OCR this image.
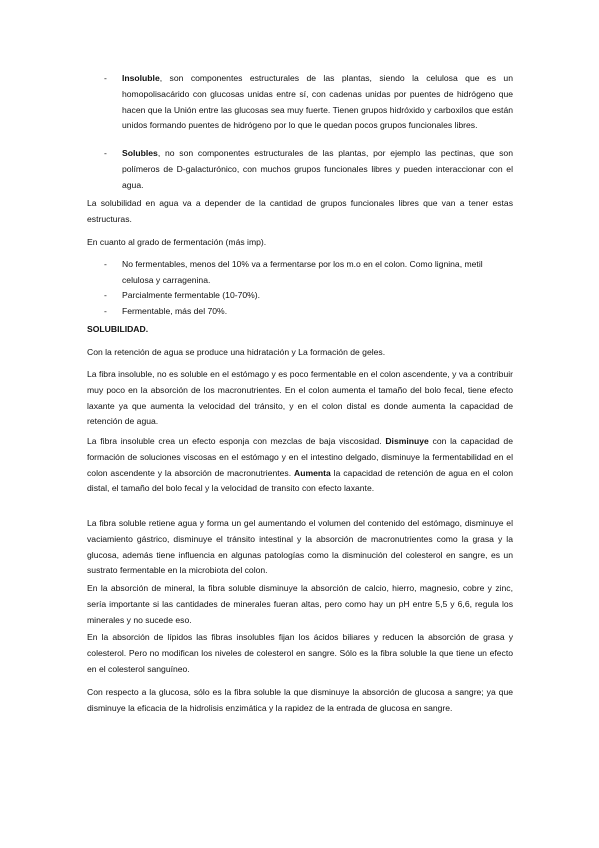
-	Insoluble, son componentes estructurales de las plantas, siendo la celulosa que es un homopolisacárido con glucosas unidas entre sí, con cadenas unidas por puentes de hidrógeno que hacen que la Unión entre las glucosas sea muy fuerte. Tienen grupos hidróxido y carboxilos que están unidos formando puentes de hidrógeno por lo que le quedan pocos grupos funcionales libres.
-	Solubles, no son componentes estructurales de las plantas, por ejemplo las pectinas, que son polímeros de D-galacturónico, con muchos grupos funcionales libres y pueden interaccionar con el agua.

La solubilidad en agua va a depender de la cantidad de grupos funcionales libres que van a tener estas estructuras.

En cuanto al grado de fermentación (más imp).

-	No fermentables, menos del 10% va a fermentarse por los m.o en el colon. Como lignina, metil celulosa y carragenina.
-	Parcialmente fermentable (10-70%).
-	Fermentable, más del 70%.

SOLUBILIDAD.

Con la retención de agua se produce una hidratación y La formación de geles.

La fibra insoluble, no es soluble en el estómago y es poco fermentable en el colon ascendente, y va a contribuir muy poco en la absorción de los macronutrientes. En el colon aumenta el tamaño del bolo fecal, tiene efecto laxante ya que aumenta la velocidad del tránsito, y en el colon distal es donde aumenta la capacidad de retención de agua.

La fibra insoluble crea un efecto esponja con mezclas de baja viscosidad. Disminuye con la capacidad de formación de soluciones viscosas en el estómago y en el intestino delgado, disminuye la fermentabilidad en el colon ascendente y la absorción de macronutrientes. Aumenta la capacidad de retención de agua en el colon distal, el tamaño del bolo fecal y la velocidad de transito con efecto laxante.

La fibra soluble retiene agua y forma un gel aumentando el volumen del contenido del estómago, disminuye el vaciamiento gástrico, disminuye el tránsito intestinal y la absorción de macronutrientes como la grasa y la glucosa, además tiene influencia en algunas patologías como la disminución del colesterol en sangre, es un sustrato fermentable en la microbiota del colon.

En la absorción de mineral, la fibra soluble disminuye la absorción de calcio, hierro, magnesio, cobre y zinc, sería importante si las cantidades de minerales fueran altas, pero como hay un pH entre 5,5 y 6,6, regula los minerales y no sucede eso.

En la absorción de lípidos las fibras insolubles fijan los ácidos biliares y reducen la absorción de grasa y colesterol. Pero no modifican los niveles de colesterol en sangre. Sólo es la fibra soluble la que tiene un efecto en el colesterol sanguíneo.

Con respecto a la glucosa, sólo es la fibra soluble la que disminuye la absorción de glucosa a sangre; ya que disminuye la eficacia de la hidrolisis enzimática y la rapidez de la entrada de glucosa en sangre.
